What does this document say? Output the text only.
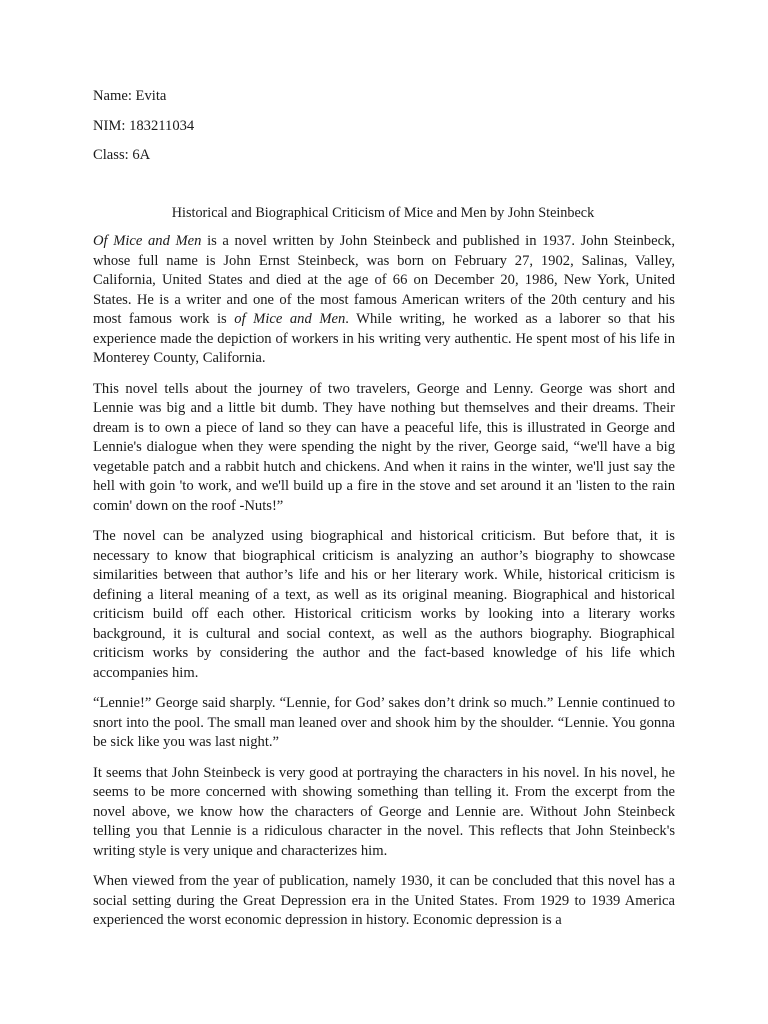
Name: Evita
NIM: 183211034
Class: 6A
Historical and Biographical Criticism of Mice and Men by John Steinbeck

Of Mice and Men is a novel written by John Steinbeck and published in 1937. John Steinbeck, whose full name is John Ernst Steinbeck, was born on February 27, 1902, Salinas, Valley, California, United States and died at the age of 66 on December 20, 1986, New York, United States. He is a writer and one of the most famous American writers of the 20th century and his most famous work is of Mice and Men. While writing, he worked as a laborer so that his experience made the depiction of workers in his writing very authentic. He spent most of his life in Monterey County, California.

This novel tells about the journey of two travelers, George and Lenny. George was short and Lennie was big and a little bit dumb. They have nothing but themselves and their dreams. Their dream is to own a piece of land so they can have a peaceful life, this is illustrated in George and Lennie's dialogue when they were spending the night by the river, George said, “we'll have a big vegetable patch and a rabbit hutch and chickens. And when it rains in the winter, we'll just say the hell with goin 'to work, and we'll build up a fire in the stove and set around it an 'listen to the rain comin' down on the roof -Nuts!”

The novel can be analyzed using biographical and historical criticism. But before that, it is necessary to know that biographical criticism is analyzing an author’s biography to showcase similarities between that author’s life and his or her literary work. While, historical criticism is defining a literal meaning of a text, as well as its original meaning. Biographical and historical criticism build off each other. Historical criticism works by looking into a literary works background, it is cultural and social context, as well as the authors biography. Biographical criticism works by considering the author and the fact-based knowledge of his life which accompanies him.

“Lennie!” George said sharply. “Lennie, for God’ sakes don’t drink so much.” Lennie continued to snort into the pool. The small man leaned over and shook him by the shoulder. “Lennie. You gonna be sick like you was last night.”

It seems that John Steinbeck is very good at portraying the characters in his novel. In his novel, he seems to be more concerned with showing something than telling it. From the excerpt from the novel above, we know how the characters of George and Lennie are. Without John Steinbeck telling you that Lennie is a ridiculous character in the novel. This reflects that John Steinbeck's writing style is very unique and characterizes him.

When viewed from the year of publication, namely 1930, it can be concluded that this novel has a social setting during the Great Depression era in the United States. From 1929 to 1939 America experienced the worst economic depression in history. Economic depression is a
